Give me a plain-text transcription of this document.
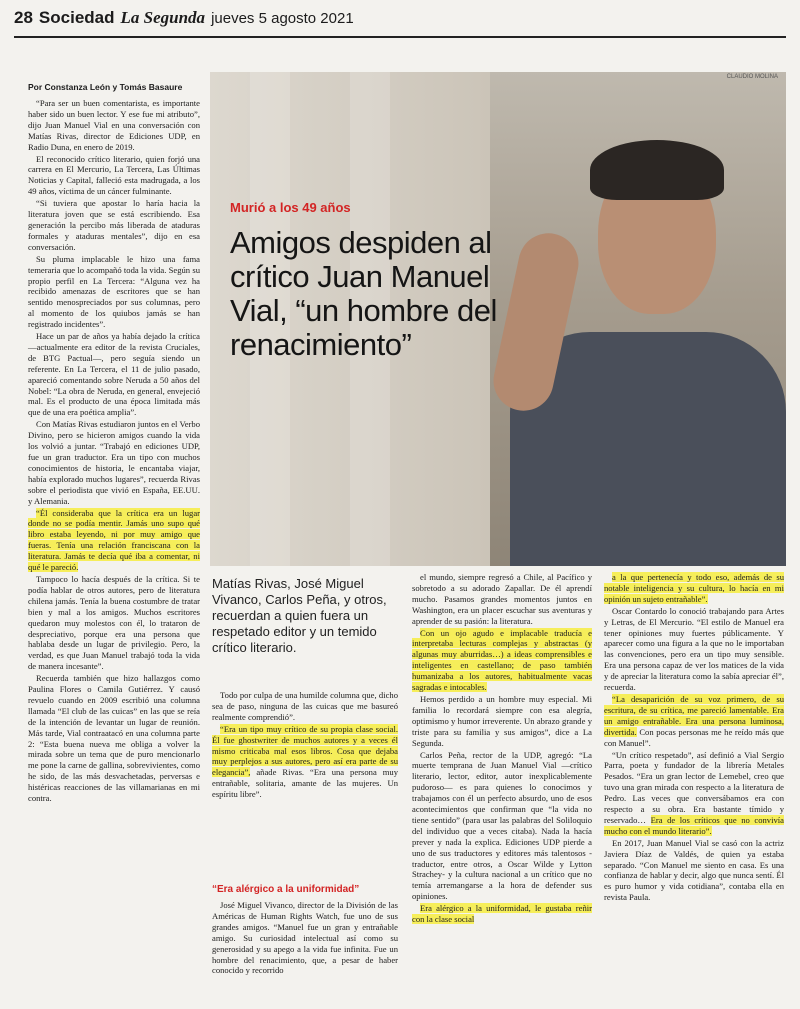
28 Sociedad La Segunda jueves 5 agosto 2021
Por Constanza León y Tomás Basaure
CLAUDIO MOLINA
Murió a los 49 años
Amigos despiden al crítico Juan Manuel Vial, “un hombre del renacimiento”

“Para ser un buen comentarista, es importante haber sido un buen lector. Y ese fue mi atributo”, dijo Juan Manuel Vial en una conversación con Matías Rivas, director de Ediciones UDP, en Radio Duna, en enero de 2019.

El reconocido crítico literario, quien forjó una carrera en El Mercurio, La Tercera, Las Últimas Noticias y Capital, falleció esta madrugada, a los 49 años, víctima de un cáncer fulminante.

“Si tuviera que apostar lo haría hacia la literatura joven que se está escribiendo. Esa generación la percibo más liberada de ataduras formales y ataduras mentales”, dijo en esa conversación.

Su pluma implacable le hizo una fama temeraria que lo acompañó toda la vida. Según su propio perfil en La Tercera: “Alguna vez ha recibido amenazas de escritores que se han sentido menospreciados por sus columnas, pero al momento de los quiubos jamás se han registrado incidentes”.

Hace un par de años ya había dejado la crítica —actualmente era editor de la revista Cruciales, de BTG Pactual—, pero seguía siendo un referente. En La Tercera, el 11 de julio pasado, apareció comentando sobre Neruda a 50 años del Nobel: “La obra de Neruda, en general, envejeció mal. Es el producto de una época limitada más que de una era poética amplia”.

Con Matías Rivas estudiaron juntos en el Verbo Divino, pero se hicieron amigos cuando la vida los volvió a juntar. “Trabajó en ediciones UDP, fue un gran traductor. Era un tipo con muchos conocimientos de historia, le encantaba viajar, había explorado muchos lugares”, recuerda Rivas sobre el periodista que vivió en España, EE.UU. y Alemania.

“Él consideraba que la crítica era un lugar donde no se podía mentir. Jamás uno supo qué libro estaba leyendo, ni por muy amigo que fueras. Tenía una relación franciscana con la literatura. Jamás te decía qué iba a comentar, ni qué le pareció.

Tampoco lo hacía después de la crítica. Si te podía hablar de otros autores, pero de literatura chilena jamás. Tenía la buena costumbre de tratar bien y mal a los amigos. Muchos escritores quedaron muy molestos con él, lo trataron de despreciativo, porque era una persona que hablaba desde un lugar de privilegio. Pero, la verdad, es que Juan Manuel trabajó toda la vida de manera incesante”.

Recuerda también que hizo hallazgos como Paulina Flores o Camila Gutiérrez. Y causó revuelo cuando en 2009 escribió una columna llamada “El club de las cuicas” en las que se reía de la intención de levantar un lugar de reunión. Más tarde, Vial contraatacó en una columna parte 2: “Esta buena nueva me obliga a volver la mirada sobre un tema que de puro mencionarlo me pone la carne de gallina, sobrevivientes, como he sido, de las más desvachetadas, perversas e histéricas reacciones de las villamarianas en mi contra.

Matías Rivas, José Miguel Vivanco, Carlos Peña, y otros, recuerdan a quien fuera un respetado editor y un temido crítico literario.

Todo por culpa de una humilde columna que, dicho sea de paso, ninguna de las cuicas que me basureó realmente comprendió”.

“Era un tipo muy crítico de su propia clase social. Él fue ghostwriter de muchos autores y a veces él mismo criticaba mal esos libros. Cosa que dejaba muy perplejos a sus autores, pero así era parte de su elegancia”, añade Rivas. “Era una persona muy entrañable, solitaria, amante de las mujeres. Un espíritu libre”.

“Era alérgico a la uniformidad”

José Miguel Vivanco, director de la División de las Américas de Human Rights Watch, fue uno de sus grandes amigos. “Manuel fue un gran y entrañable amigo. Su curiosidad intelectual así como su generosidad y su apego a la vida fue infinita. Fue un hombre del renacimiento, que, a pesar de haber conocido y recorrido

el mundo, siempre regresó a Chile, al Pacífico y sobretodo a su adorado Zapallar. De él aprendí mucho. Pasamos grandes momentos juntos en Washington, era un placer escuchar sus aventuras y aprender de su pasión: la literatura.

Con un ojo agudo e implacable traducía e interpretaba lecturas complejas y abstractas (y algunas muy aburridas…) a ideas comprensibles e inteligentes en castellano; de paso también humanizaba a los autores, habitualmente vacas sagradas e intocables.

Hemos perdido a un hombre muy especial. Mi familia lo recordará siempre con esa alegría, optimismo y humor irreverente. Un abrazo grande y triste para su familia y sus amigos”, dice a La Segunda.

Carlos Peña, rector de la UDP, agregó: “La muerte temprana de Juan Manuel Vial —crítico literario, lector, editor, autor inexplicablemente pudoroso— es para quienes lo conocimos y trabajamos con él un perfecto absurdo, uno de esos acontecimientos que confirman que “la vida no tiene sentido” (para usar las palabras del Soliloquio del individuo que a veces citaba). Nada la hacía prever y nada la explica. Ediciones UDP pierde a uno de sus traductores y editores más talentosos -traductor, entre otros, a Oscar Wilde y Lytton Strachey- y la cultura nacional a un crítico que no temía arremangarse a la hora de defender sus opiniones.

Era alérgico a la uniformidad, le gustaba reñir con la clase social

a la que pertenecía y todo eso, además de su notable inteligencia y su cultura, lo hacía en mi opinión un sujeto entrañable”.

Oscar Contardo lo conoció trabajando para Artes y Letras, de El Mercurio. “El estilo de Manuel era tener opiniones muy fuertes públicamente. Y aparecer como una figura a la que no le importaban las convenciones, pero era un tipo muy sensible. Era una persona capaz de ver los matices de la vida y de apreciar la literatura como la sabía apreciar él”, recuerda.

“La desaparición de su voz primero, de su escritura, de su crítica, me pareció lamentable. Era un amigo entrañable. Era una persona luminosa, divertida. Con pocas personas me he reído más que con Manuel”.

“Un crítico respetado”, así definió a Vial Sergio Parra, poeta y fundador de la librería Metales Pesados. “Era un gran lector de Lemebel, creo que tuvo una gran mirada con respecto a la literatura de Pedro. Las veces que conversábamos era con respecto a su obra. Era bastante tímido y reservado… Era de los críticos que no convivía mucho con el mundo literario”.

En 2017, Juan Manuel Vial se casó con la actriz Javiera Díaz de Valdés, de quien ya estaba separado. “Con Manuel me siento en casa. Es una confianza de hablar y decir, algo que nunca sentí. Él es puro humor y vida cotidiana”, contaba ella en revista Paula.
